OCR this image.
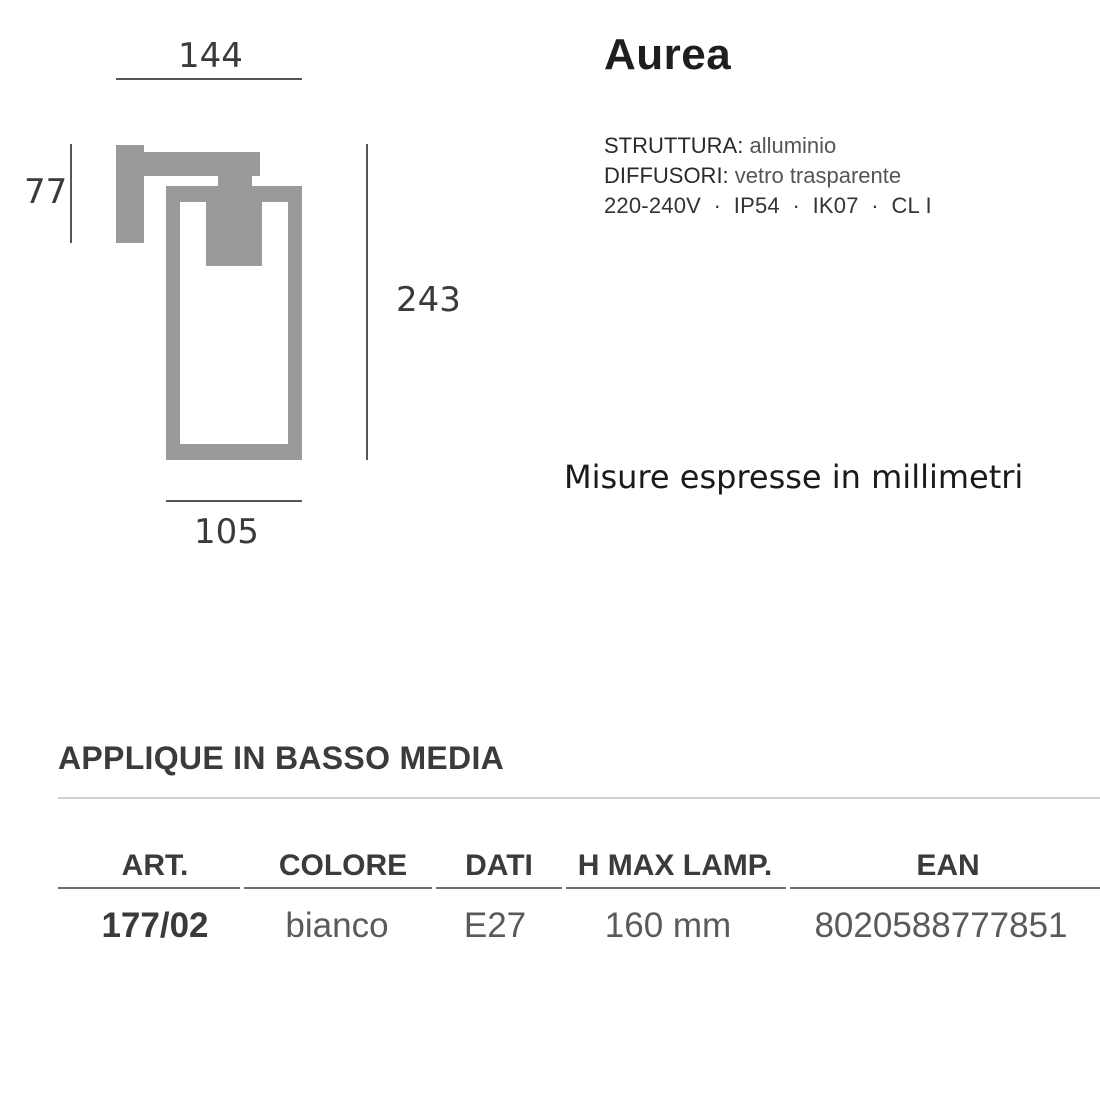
144
77
243
105
Aurea
STRUTTURA: alluminio
DIFFUSORI: vetro trasparente
220-240V  ·  IP54  ·  IK07  ·  CL I
Misure espresse in millimetri
APPLIQUE IN BASSO MEDIA
ART.	COLORE	DATI	H MAX LAMP.	EAN
177/02	bianco	E27	160 mm	8020588777851
